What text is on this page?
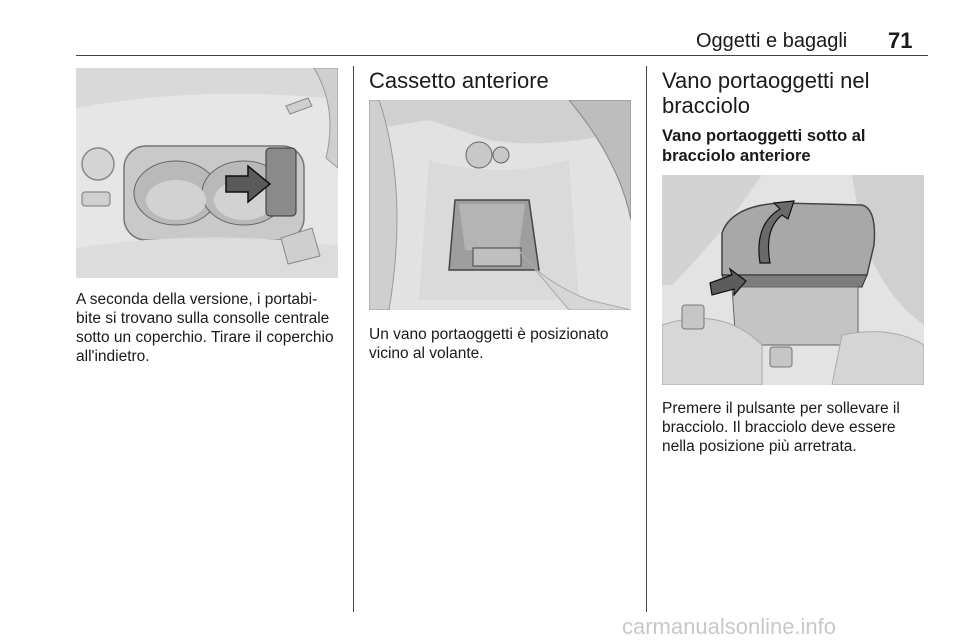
Oggetti e bagagli 71

A seconda della versione, i portabi-
bite si trovano sulla consolle centrale
sotto un coperchio. Tirare il coperchio
all'indietro.

Cassetto anteriore

Un vano portaoggetti è posizionato
vicino al volante.

Vano portaoggetti nel
bracciolo
Vano portaoggetti sotto al
bracciolo anteriore

Premere il pulsante per sollevare il
bracciolo. Il bracciolo deve essere
nella posizione più arretrata.

carmanualsonline.info
